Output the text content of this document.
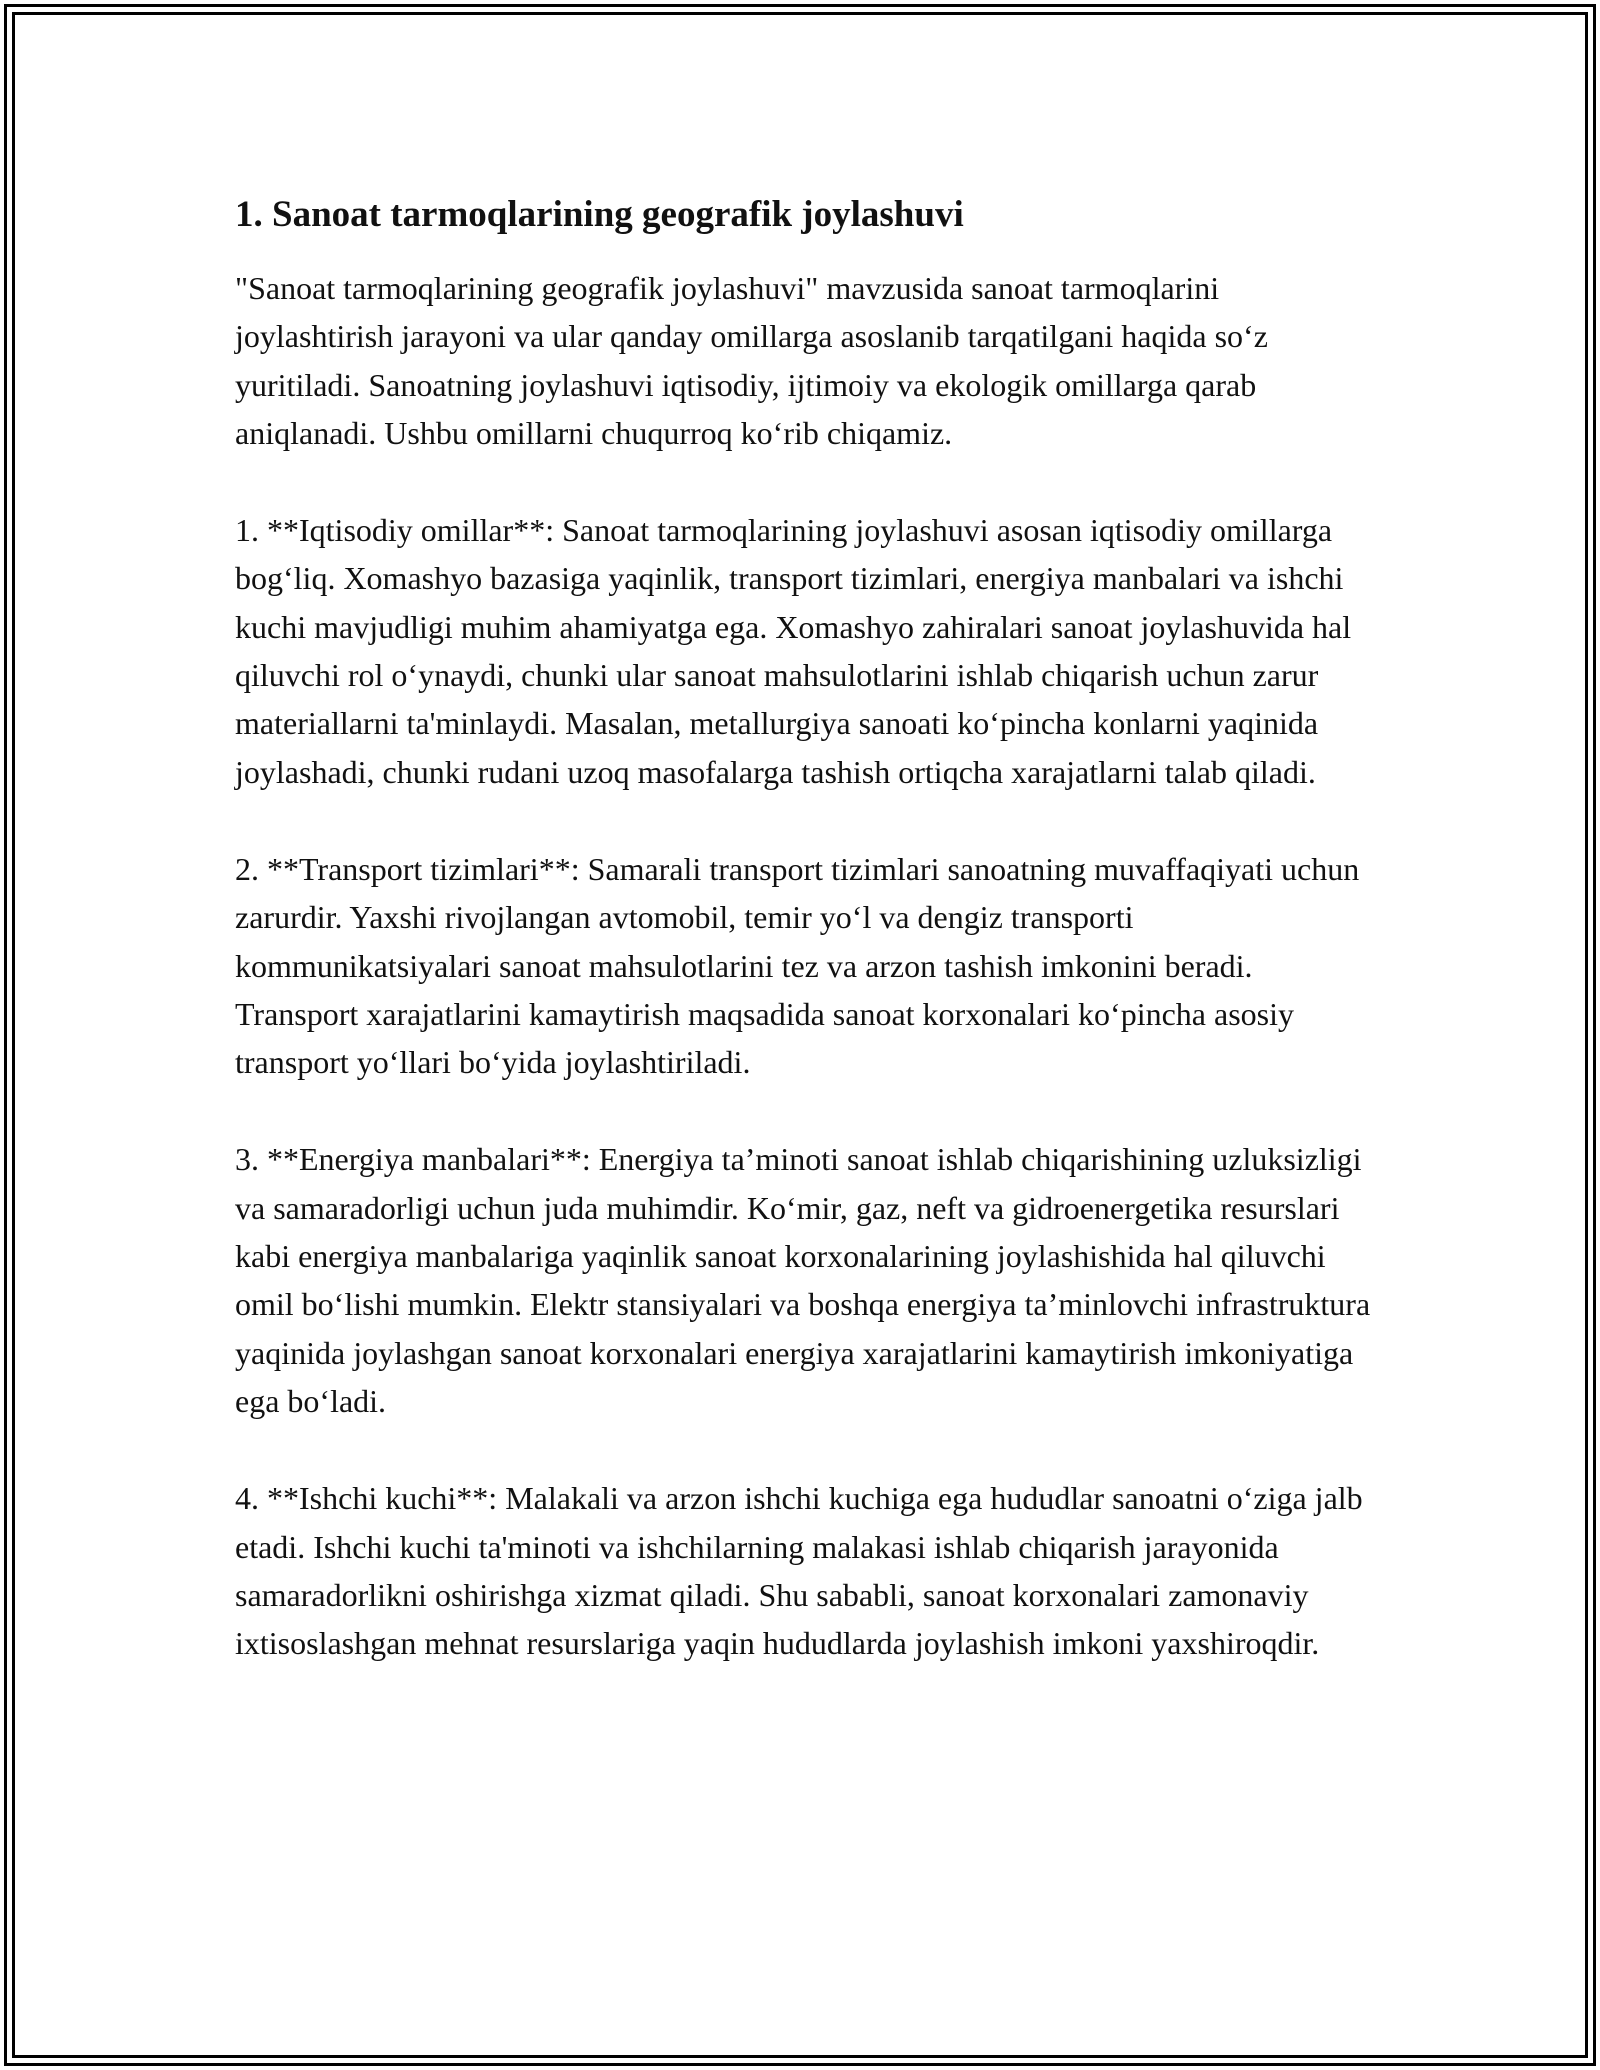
1. Sanoat tarmoqlarining geografik joylashuvi

"Sanoat tarmoqlarining geografik joylashuvi" mavzusida sanoat tarmoqlarini joylashtirish jarayoni va ular qanday omillarga asoslanib tarqatilgani haqida so‘z yuritiladi. Sanoatning joylashuvi iqtisodiy, ijtimoiy va ekologik omillarga qarab aniqlanadi. Ushbu omillarni chuqurroq ko‘rib chiqamiz.

1. **Iqtisodiy omillar**: Sanoat tarmoqlarining joylashuvi asosan iqtisodiy omillarga bog‘liq. Xomashyo bazasiga yaqinlik, transport tizimlari, energiya manbalari va ishchi kuchi mavjudligi muhim ahamiyatga ega. Xomashyo zahiralari sanoat joylashuvida hal qiluvchi rol o‘ynaydi, chunki ular sanoat mahsulotlarini ishlab chiqarish uchun zarur materiallarni ta'minlaydi. Masalan, metallurgiya sanoati ko‘pincha konlarni yaqinida joylashadi, chunki rudani uzoq masofalarga tashish ortiqcha xarajatlarni talab qiladi.

2. **Transport tizimlari**: Samarali transport tizimlari sanoatning muvaffaqiyati uchun zarurdir. Yaxshi rivojlangan avtomobil, temir yo‘l va dengiz transporti kommunikatsiyalari sanoat mahsulotlarini tez va arzon tashish imkonini beradi. Transport xarajatlarini kamaytirish maqsadida sanoat korxonalari ko‘pincha asosiy transport yo‘llari bo‘yida joylashtiriladi.

3. **Energiya manbalari**: Energiya ta’minoti sanoat ishlab chiqarishining uzluksizligi va samaradorligi uchun juda muhimdir. Ko‘mir, gaz, neft va gidroenergetika resurslari kabi energiya manbalariga yaqinlik sanoat korxonalarining joylashishida hal qiluvchi omil bo‘lishi mumkin. Elektr stansiyalari va boshqa energiya ta’minlovchi infrastruktura yaqinida joylashgan sanoat korxonalari energiya xarajatlarini kamaytirish imkoniyatiga ega bo‘ladi.

4. **Ishchi kuchi**: Malakali va arzon ishchi kuchiga ega hududlar sanoatni o‘ziga jalb etadi. Ishchi kuchi ta'minoti va ishchilarning malakasi ishlab chiqarish jarayonida samaradorlikni oshirishga xizmat qiladi. Shu sababli, sanoat korxonalari zamonaviy ixtisoslashgan mehnat resurslariga yaqin hududlarda joylashish imkoni yaxshiroqdir.
